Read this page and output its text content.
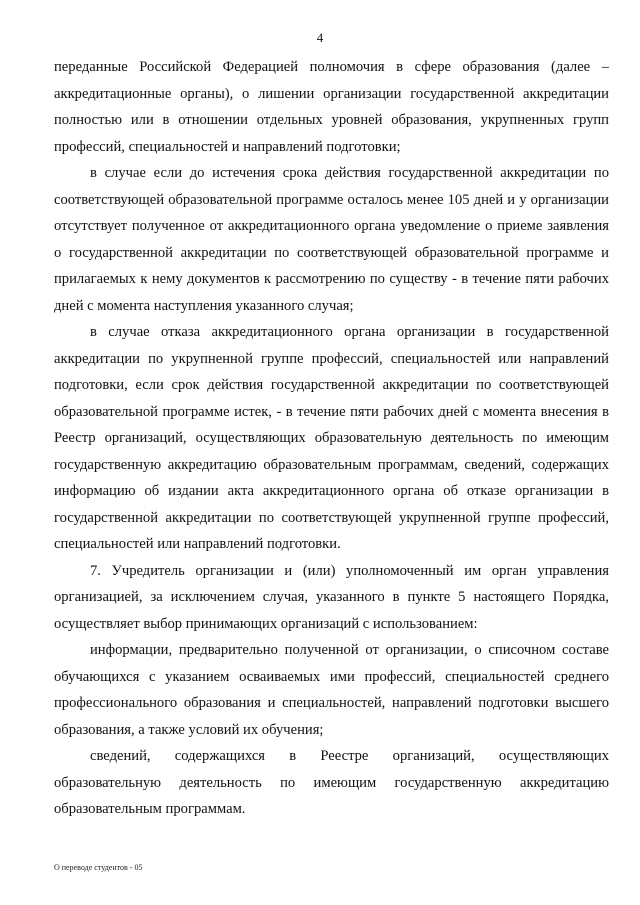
4

переданные Российской Федерацией полномочия в сфере образования (далее – аккредитационные органы), о лишении организации государственной аккредитации полностью или в отношении отдельных уровней образования, укрупненных групп профессий, специальностей и направлений подготовки;

в случае если до истечения срока действия государственной аккредитации по соответствующей образовательной программе осталось менее 105 дней и у организации отсутствует полученное от аккредитационного органа уведомление о приеме заявления о государственной аккредитации по соответствующей образовательной программе и прилагаемых к нему документов к рассмотрению по существу - в течение пяти рабочих дней с момента наступления указанного случая;

в случае отказа аккредитационного органа организации в государственной аккредитации по укрупненной группе профессий, специальностей или направлений подготовки, если срок действия государственной аккредитации по соответствующей образовательной программе истек, - в течение пяти рабочих дней с момента внесения в Реестр организаций, осуществляющих образовательную деятельность по имеющим государственную аккредитацию образовательным программам, сведений, содержащих информацию об издании акта аккредитационного органа об отказе организации в государственной аккредитации по соответствующей укрупненной группе профессий, специальностей или направлений подготовки.

7. Учредитель организации и (или) уполномоченный им орган управления организацией, за исключением случая, указанного в пункте 5 настоящего Порядка, осуществляет выбор принимающих организаций с использованием:

информации, предварительно полученной от организации, о списочном составе обучающихся с указанием осваиваемых ими профессий, специальностей среднего профессионального образования и специальностей, направлений подготовки высшего образования, а также условий их обучения;

сведений, содержащихся в Реестре организаций, осуществляющих образовательную деятельность по имеющим государственную аккредитацию образовательным программам.

О переводе студентов - 05
